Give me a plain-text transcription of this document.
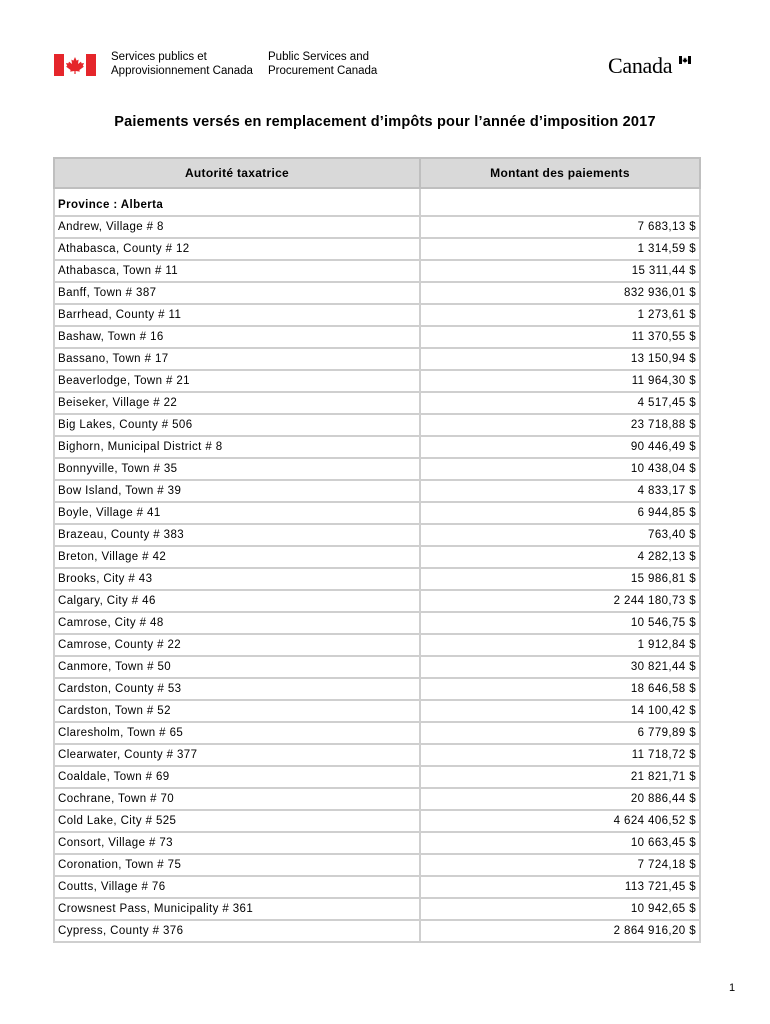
Services publics et
Approvisionnement Canada
Public Services and
Procurement Canada	Canada
Paiements versés en remplacement d’impôts pour l’année d’imposition 2017
Autorité taxatrice	Montant des paiements
Province : Alberta	
Andrew, Village # 8	7 683,13 $
Athabasca, County # 12	1 314,59 $
Athabasca, Town # 11	15 311,44 $
Banff, Town # 387	832 936,01 $
Barrhead, County # 11	1 273,61 $
Bashaw, Town # 16	11 370,55 $
Bassano, Town # 17	13 150,94 $
Beaverlodge, Town # 21	11 964,30 $
Beiseker, Village # 22	4 517,45 $
Big Lakes, County # 506	23 718,88 $
Bighorn, Municipal District # 8	90 446,49 $
Bonnyville, Town # 35	10 438,04 $
Bow Island, Town # 39	4 833,17 $
Boyle, Village # 41	6 944,85 $
Brazeau, County # 383	763,40 $
Breton, Village # 42	4 282,13 $
Brooks, City # 43	15 986,81 $
Calgary, City # 46	2 244 180,73 $
Camrose, City # 48	10 546,75 $
Camrose, County # 22	1 912,84 $
Canmore, Town # 50	30 821,44 $
Cardston, County # 53	18 646,58 $
Cardston, Town # 52	14 100,42 $
Claresholm, Town # 65	6 779,89 $
Clearwater, County # 377	11 718,72 $
Coaldale, Town # 69	21 821,71 $
Cochrane, Town # 70	20 886,44 $
Cold Lake, City # 525	4 624 406,52 $
Consort, Village # 73	10 663,45 $
Coronation, Town # 75	7 724,18 $
Coutts, Village # 76	113 721,45 $
Crowsnest Pass, Municipality # 361	10 942,65 $
Cypress, County # 376	2 864 916,20 $
1
